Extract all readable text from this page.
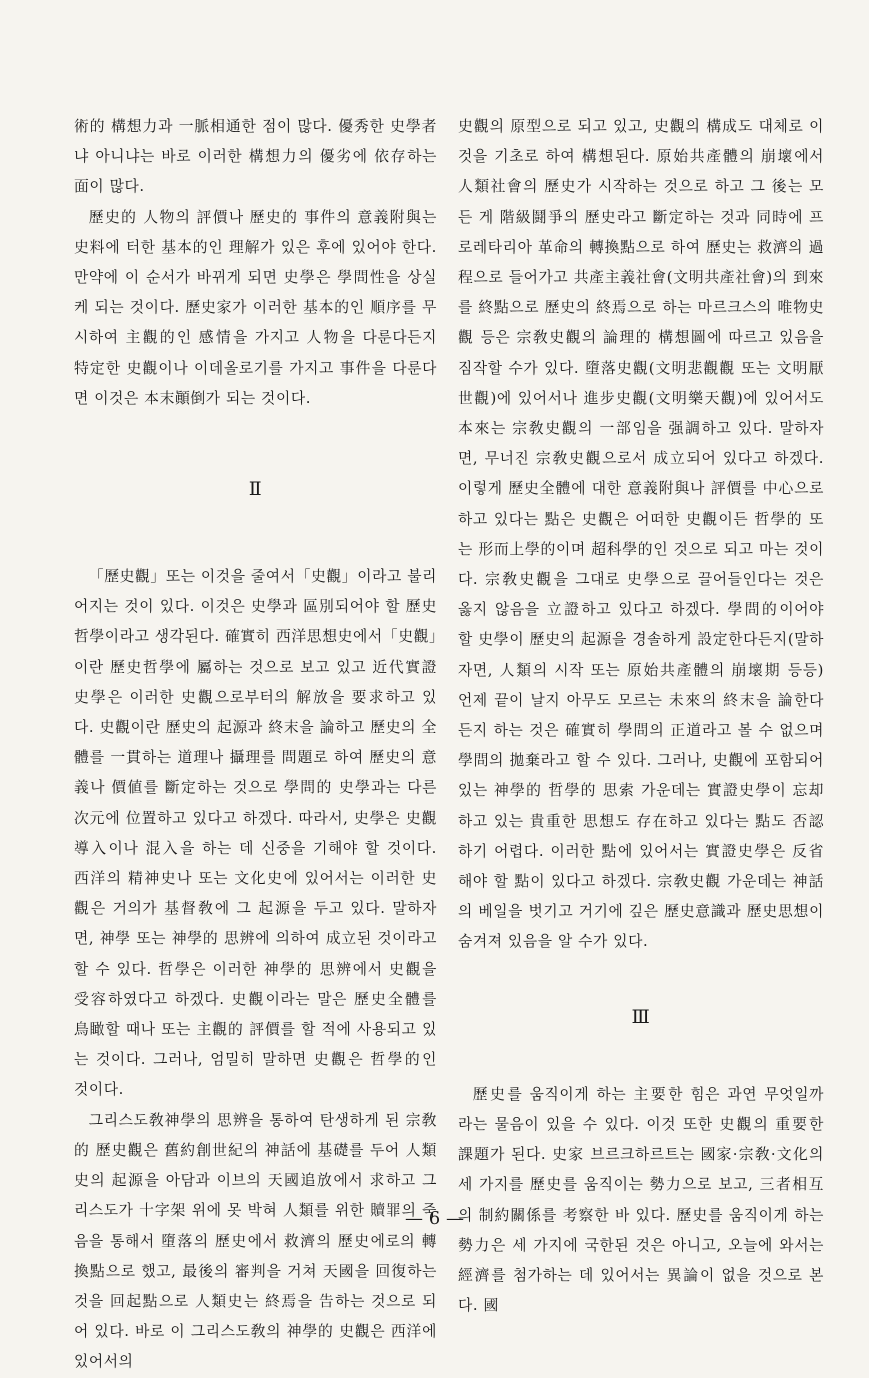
術的 構想力과 一脈相通한 점이 많다. 優秀한 史學者냐 아니냐는 바로 이러한 構想力의 優劣에 依存하는 面이 많다.

歷史的 人物의 評價나 歷史的 事件의 意義附與는 史料에 터한 基本的인 理解가 있은 후에 있어야 한다. 만약에 이 순서가 바뀌게 되면 史學은 學問性을 상실케 되는 것이다. 歷史家가 이러한 基本的인 順序를 무시하여 主觀的인 感情을 가지고 人物을 다룬다든지 特定한 史觀이나 이데올로기를 가지고 事件을 다룬다면 이것은 本末顚倒가 되는 것이다.

Ⅱ

「歷史觀」또는 이것을 줄여서「史觀」이라고 불리어지는 것이 있다. 이것은 史學과 區別되어야 할 歷史哲學이라고 생각된다. 確實히 西洋思想史에서「史觀」이란 歷史哲學에 屬하는 것으로 보고 있고 近代實證史學은 이러한 史觀으로부터의 解放을 要求하고 있다. 史觀이란 歷史의 起源과 終末을 論하고 歷史의 全體를 一貫하는 道理나 攝理를 問題로 하여 歷史의 意義나 價値를 斷定하는 것으로 學問的 史學과는 다른 次元에 位置하고 있다고 하겠다. 따라서, 史學은 史觀導入이나 混入을 하는 데 신중을 기해야 할 것이다. 西洋의 精神史나 또는 文化史에 있어서는 이러한 史觀은 거의가 基督敎에 그 起源을 두고 있다. 말하자면, 神學 또는 神學的 思辨에 의하여 成立된 것이라고 할 수 있다. 哲學은 이러한 神學的 思辨에서 史觀을 受容하였다고 하겠다. 史觀이라는 말은 歷史全體를 鳥瞰할 때나 또는 主觀的 評價를 할 적에 사용되고 있는 것이다. 그러나, 엄밀히 말하면 史觀은 哲學的인 것이다.

그리스도敎神學의 思辨을 통하여 탄생하게 된 宗敎的 歷史觀은 舊約創世紀의 神話에 基礎를 두어 人類史의 起源을 아담과 이브의 天國追放에서 求하고 그리스도가 十字架 위에 못 박혀 人類를 위한 贖罪의 죽음을 통해서 墮落의 歷史에서 救濟의 歷史에로의 轉換點으로 했고, 最後의 審判을 거쳐 天國을 回復하는 것을 回起點으로 人類史는 終焉을 告하는 것으로 되어 있다. 바로 이 그리스도敎의 神學的 史觀은 西洋에 있어서의

史觀의 原型으로 되고 있고, 史觀의 構成도 대체로 이것을 기초로 하여 構想된다. 原始共產體의 崩壞에서 人類社會의 歷史가 시작하는 것으로 하고 그 後는 모든 게 階級鬪爭의 歷史라고 斷定하는 것과 同時에 프로레타리아 革命의 轉換點으로 하여 歷史는 救濟의 過程으로 들어가고 共產主義社會(文明共產社會)의 到來를 終點으로 歷史의 終焉으로 하는 마르크스의 唯物史觀 등은 宗敎史觀의 論理的 構想圖에 따르고 있음을 짐작할 수가 있다. 墮落史觀(文明悲觀觀 또는 文明厭世觀)에 있어서나 進步史觀(文明樂天觀)에 있어서도 本來는 宗敎史觀의 一部임을 强調하고 있다. 말하자면, 무너진 宗敎史觀으로서 成立되어 있다고 하겠다. 이렇게 歷史全體에 대한 意義附與나 評價를 中心으로 하고 있다는 點은 史觀은 어떠한 史觀이든 哲學的 또는 形而上學的이며 超科學的인 것으로 되고 마는 것이다. 宗敎史觀을 그대로 史學으로 끌어들인다는 것은 옳지 않음을 立證하고 있다고 하겠다. 學問的이어야 할 史學이 歷史의 起源을 경솔하게 設定한다든지(말하자면, 人類의 시작 또는 原始共產體의 崩壞期 등등) 언제 끝이 날지 아무도 모르는 未來의 終末을 論한다든지 하는 것은 確實히 學問의 正道라고 볼 수 없으며 學問의 拋棄라고 할 수 있다. 그러나, 史觀에 포함되어 있는 神學的 哲學的 思索 가운데는 實證史學이 忘却하고 있는 貴重한 思想도 存在하고 있다는 點도 否認하기 어렵다. 이러한 點에 있어서는 實證史學은 反省해야 할 點이 있다고 하겠다. 宗敎史觀 가운데는 神話의 베일을 벗기고 거기에 깊은 歷史意識과 歷史思想이 숨겨져 있음을 알 수가 있다.

Ⅲ

歷史를 움직이게 하는 主要한 힘은 과연 무엇일까 라는 물음이 있을 수 있다. 이것 또한 史觀의 重要한 課題가 된다. 史家 브르크하르트는 國家·宗敎·文化의 세 가지를 歷史를 움직이는 勢力으로 보고, 三者相互의 制約關係를 考察한 바 있다. 歷史를 움직이게 하는 勢力은 세 가지에 국한된 것은 아니고, 오늘에 와서는 經濟를 첨가하는 데 있어서는 異論이 없을 것으로 본다. 國

— 6 —
